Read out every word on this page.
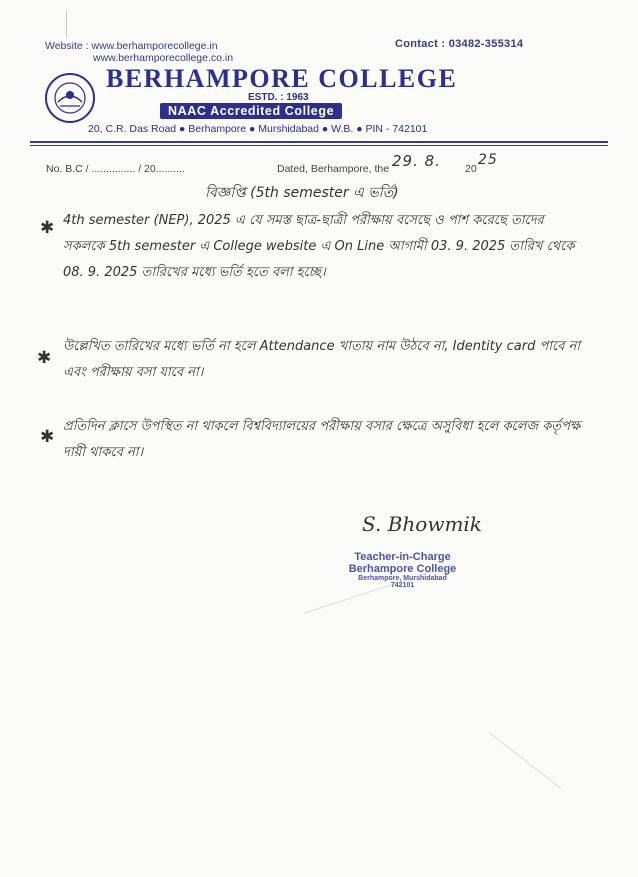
Website : www.berhamporecollege.in
www.berhamporecollege.co.in
Contact : 03482-355314
BERHAMPORE COLLEGE
ESTD. : 1963
NAAC Accredited College
20, C.R. Das Road ● Berhampore ● Murshidabad ● W.B. ● PIN - 742101
No. B.C / ............... / 20..........	Dated, Berhampore, the 29. 8. 20
25
বিজ্ঞপ্তি (5th semester এ ভর্তি)
✱ 4th semester (NEP), 2025 এ যে সমস্ত ছাত্র-ছাত্রী পরীক্ষায় বসেছে ও পাশ করেছে তাদের সকলকে 5th semester এ College website এ On Line আগামী 03. 9. 2025 তারিখ থেকে 08. 9. 2025 তারিখের মধ্যে ভর্তি হতে বলা হচ্ছে।
✱
উল্লেখিত তারিখের মধ্যে ভর্তি না হলে Attendance খাতায় নাম উঠবে না, Identity card পাবে না এবং পরীক্ষায় বসা যাবে না।
✱
প্রতিদিন ক্লাসে উপস্থিত না থাকলে বিশ্ববিদ্যালয়ের পরীক্ষায় বসার ক্ষেত্রে অসুবিধা হলে কলেজ কর্তৃপক্ষ দায়ী থাকবে না।
S. Bhowmik
Teacher-in-Charge
Berhampore College
Berhampore, Murshidabad
742101
